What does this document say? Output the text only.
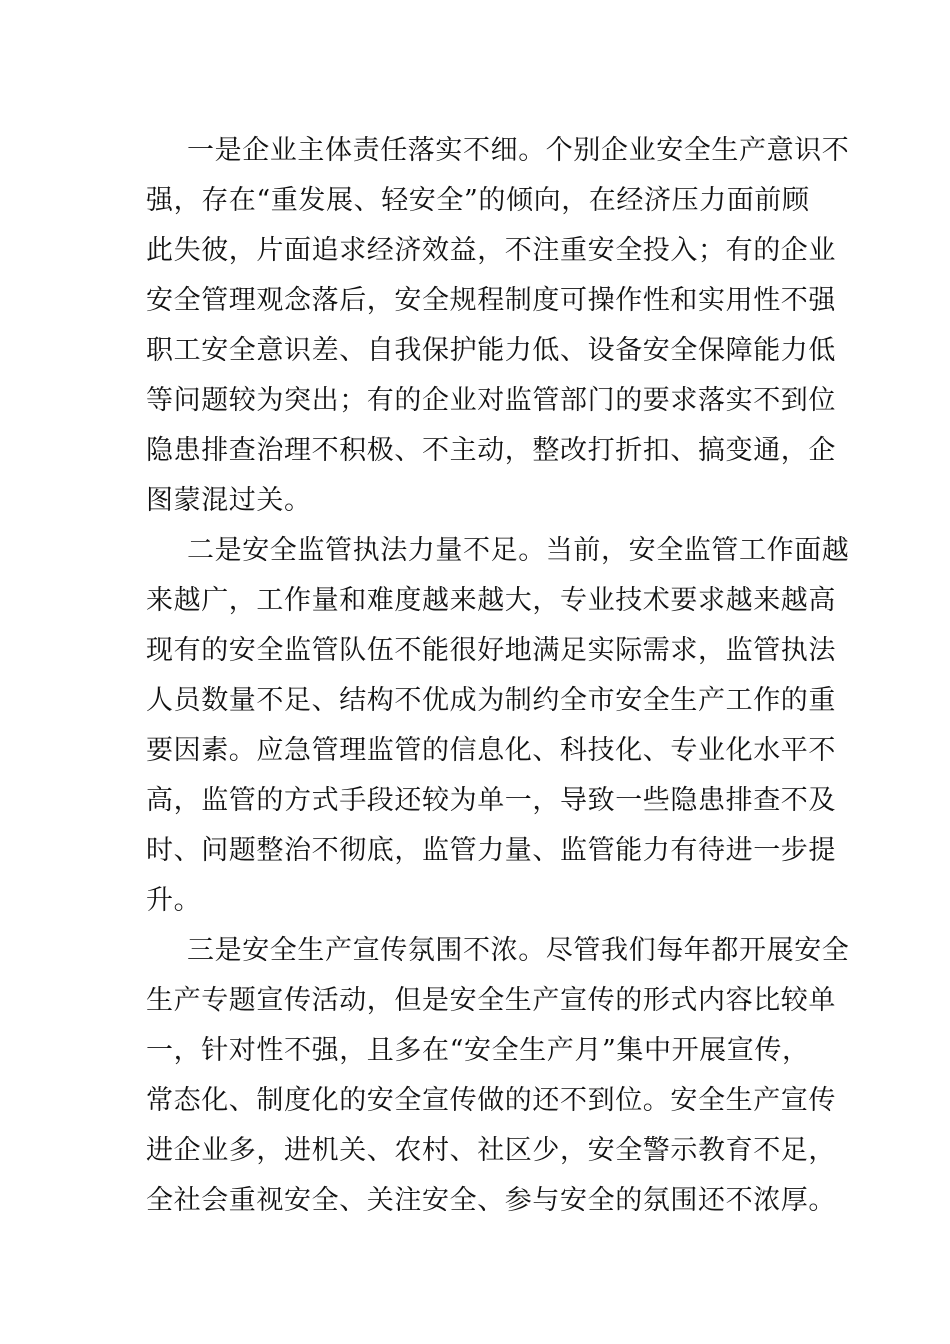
一是企业主体责任落实不细。个别企业安全生产意识不
强，存在“重发展、轻安全”的倾向，在经济压力面前顾
此失彼，片面追求经济效益，不注重安全投入；有的企业
安全管理观念落后，安全规程制度可操作性和实用性不强
职工安全意识差、自我保护能力低、设备安全保障能力低
等问题较为突出；有的企业对监管部门的要求落实不到位
隐患排查治理不积极、不主动，整改打折扣、搞变通，企
图蒙混过关。
二是安全监管执法力量不足。当前，安全监管工作面越
来越广，工作量和难度越来越大，专业技术要求越来越高
现有的安全监管队伍不能很好地满足实际需求，监管执法
人员数量不足、结构不优成为制约全市安全生产工作的重
要因素。应急管理监管的信息化、科技化、专业化水平不
高，监管的方式手段还较为单一，导致一些隐患排查不及
时、问题整治不彻底，监管力量、监管能力有待进一步提
升。
三是安全生产宣传氛围不浓。尽管我们每年都开展安全
生产专题宣传活动，但是安全生产宣传的形式内容比较单
一，针对性不强，且多在“安全生产月”集中开展宣传，
常态化、制度化的安全宣传做的还不到位。安全生产宣传
进企业多，进机关、农村、社区少，安全警示教育不足，
全社会重视安全、关注安全、参与安全的氛围还不浓厚。
